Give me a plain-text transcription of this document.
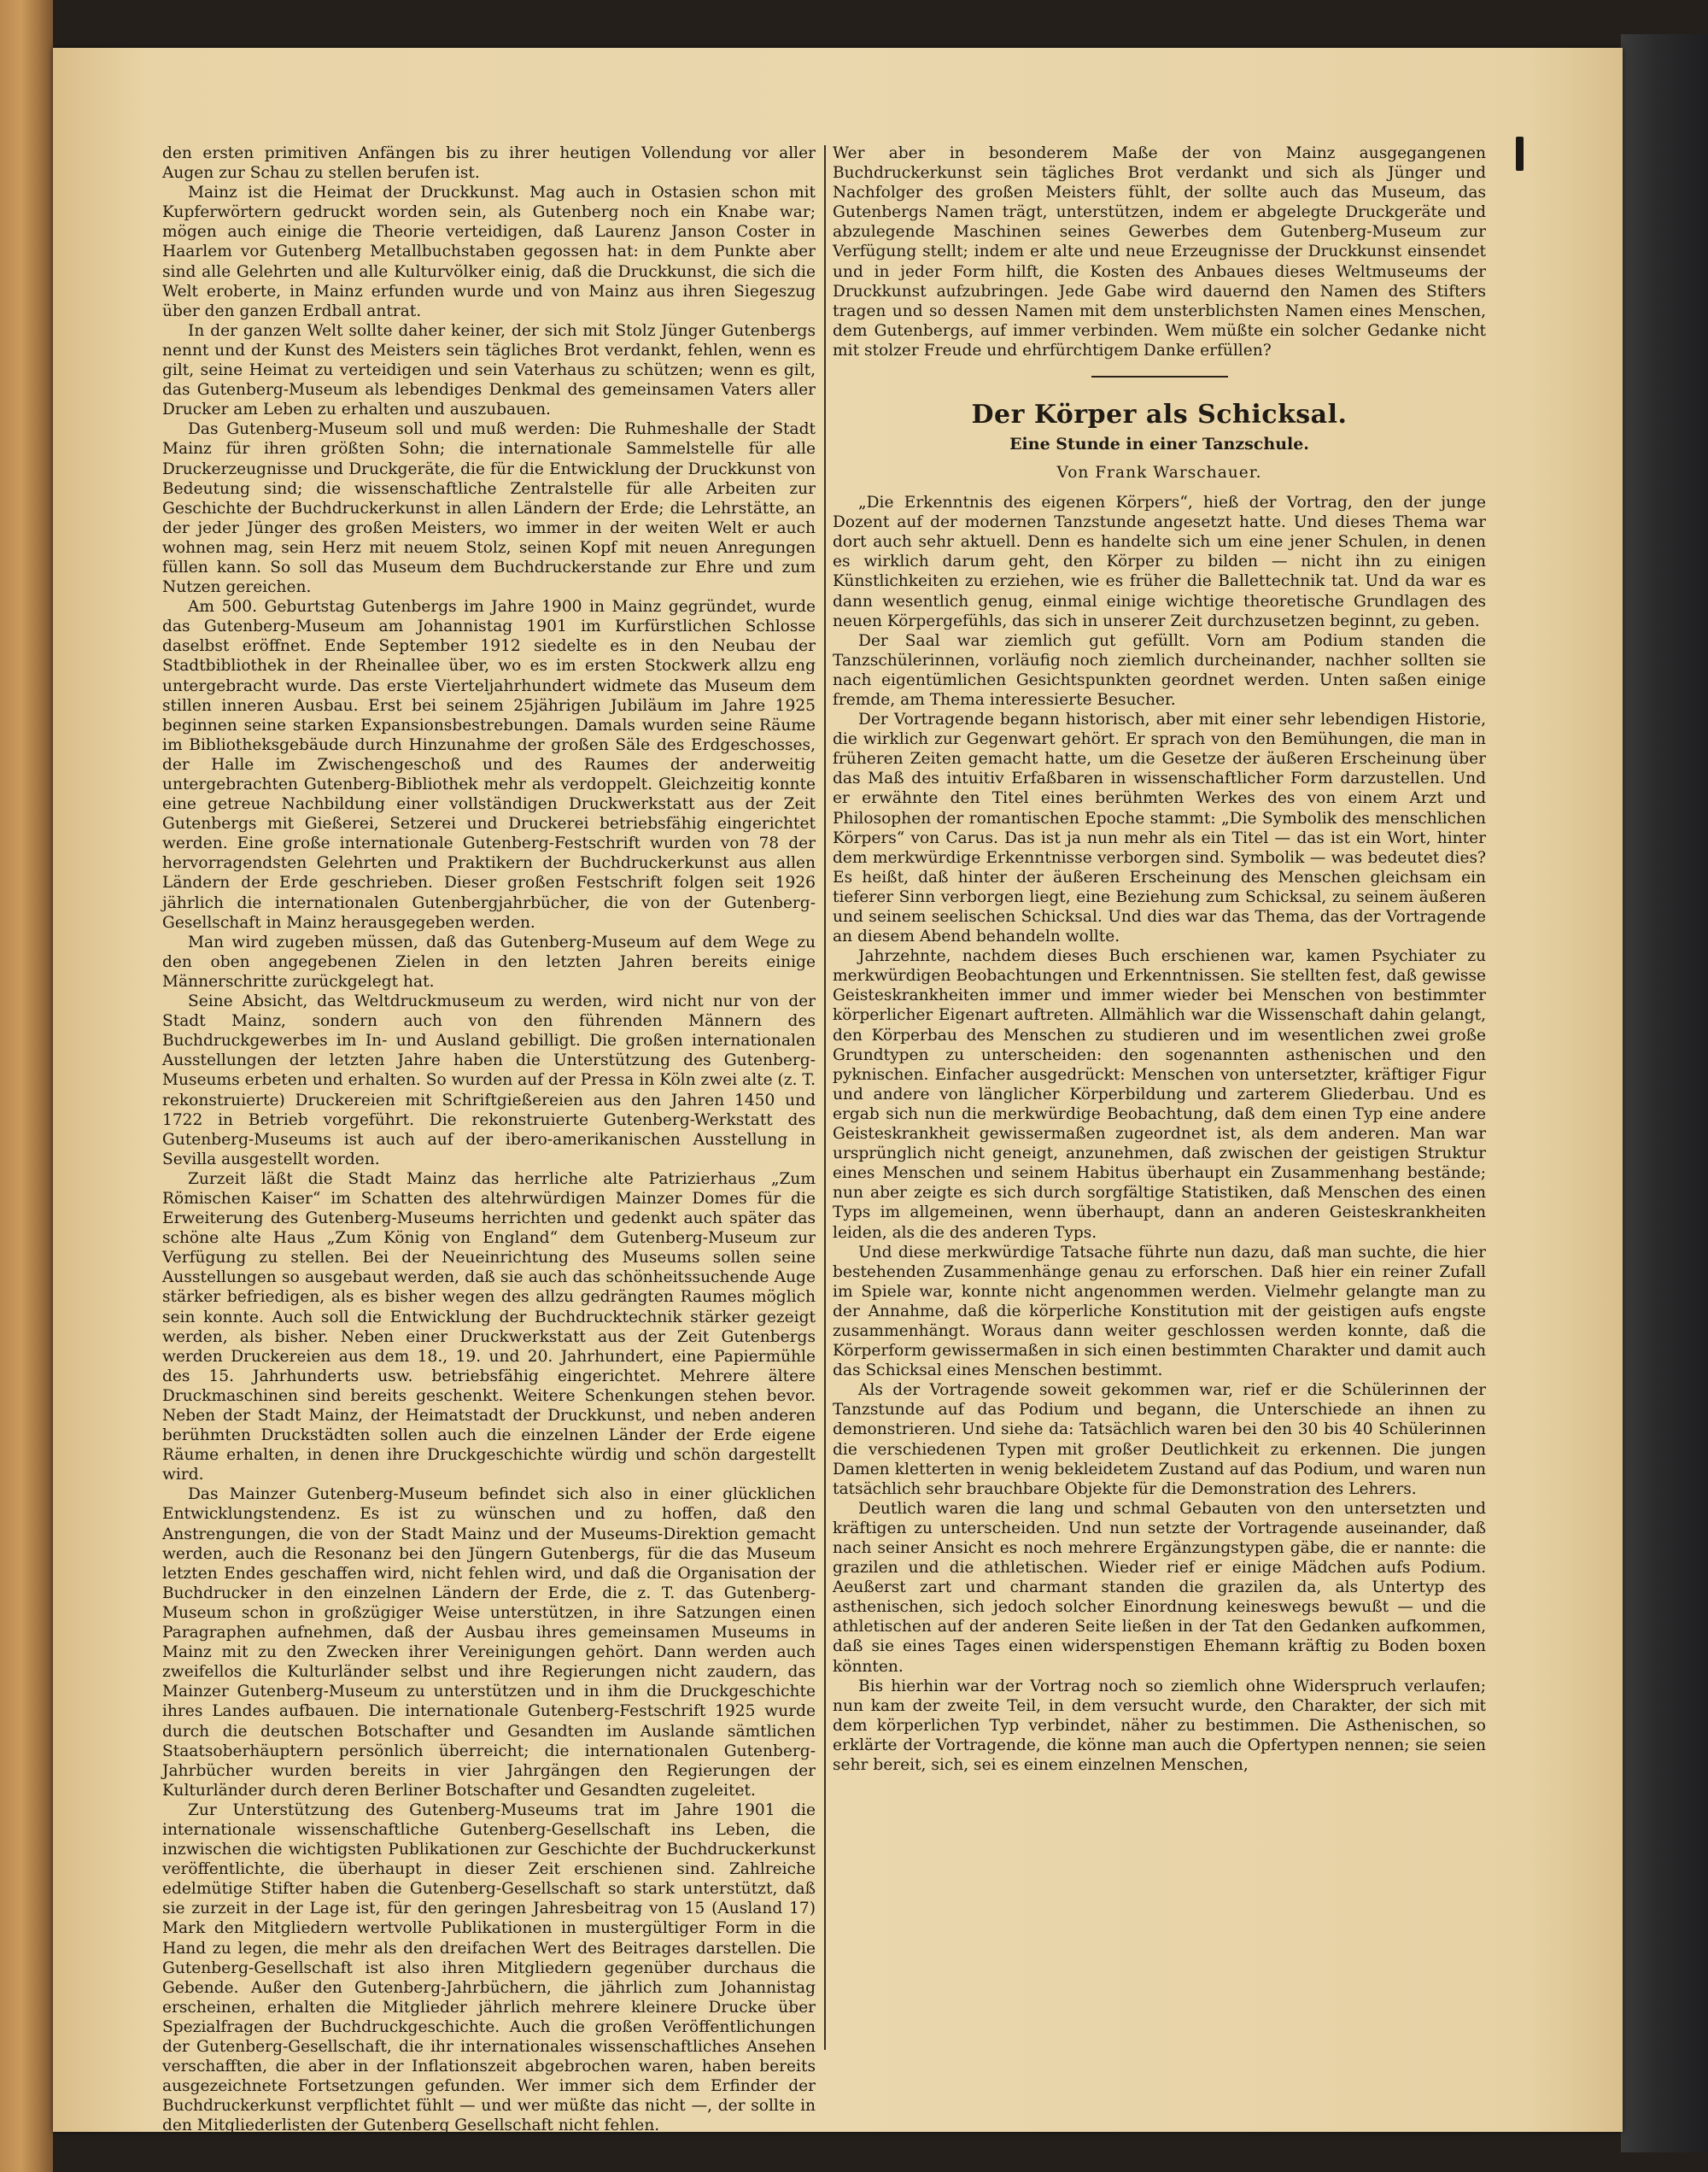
den ersten primitiven Anfängen bis zu ihrer heutigen Vollendung vor aller Augen zur Schau zu stellen berufen ist.

Mainz ist die Heimat der Druckkunst. Mag auch in Ostasien schon mit Kupferwörtern gedruckt worden sein, als Gutenberg noch ein Knabe war; mögen auch einige die Theorie verteidigen, daß Laurenz Janson Coster in Haarlem vor Gutenberg Metallbuchstaben gegossen hat: in dem Punkte aber sind alle Gelehrten und alle Kulturvölker einig, daß die Druckkunst, die sich die Welt eroberte, in Mainz erfunden wurde und von Mainz aus ihren Siegeszug über den ganzen Erdball antrat.

In der ganzen Welt sollte daher keiner, der sich mit Stolz Jünger Gutenbergs nennt und der Kunst des Meisters sein tägliches Brot verdankt, fehlen, wenn es gilt, seine Heimat zu verteidigen und sein Vaterhaus zu schützen; wenn es gilt, das Gutenberg-Museum als lebendiges Denkmal des gemeinsamen Vaters aller Drucker am Leben zu erhalten und auszubauen.

Das Gutenberg-Museum soll und muß werden: Die Ruhmeshalle der Stadt Mainz für ihren größten Sohn; die internationale Sammelstelle für alle Druckerzeugnisse und Druckgeräte, die für die Entwicklung der Druckkunst von Bedeutung sind; die wissenschaftliche Zentralstelle für alle Arbeiten zur Geschichte der Buchdruckerkunst in allen Ländern der Erde; die Lehrstätte, an der jeder Jünger des großen Meisters, wo immer in der weiten Welt er auch wohnen mag, sein Herz mit neuem Stolz, seinen Kopf mit neuen Anregungen füllen kann. So soll das Museum dem Buchdruckerstande zur Ehre und zum Nutzen gereichen.

Am 500. Geburtstag Gutenbergs im Jahre 1900 in Mainz gegründet, wurde das Gutenberg-Museum am Johannistag 1901 im Kurfürstlichen Schlosse daselbst eröffnet. Ende September 1912 siedelte es in den Neubau der Stadtbibliothek in der Rheinallee über, wo es im ersten Stockwerk allzu eng untergebracht wurde. Das erste Vierteljahrhundert widmete das Museum dem stillen inneren Ausbau. Erst bei seinem 25jährigen Jubiläum im Jahre 1925 beginnen seine starken Expansionsbestrebungen. Damals wurden seine Räume im Bibliotheksgebäude durch Hinzunahme der großen Säle des Erdgeschosses, der Halle im Zwischengeschoß und des Raumes der anderweitig untergebrachten Gutenberg-Bibliothek mehr als verdoppelt. Gleichzeitig konnte eine getreue Nachbildung einer vollständigen Druckwerkstatt aus der Zeit Gutenbergs mit Gießerei, Setzerei und Druckerei betriebsfähig eingerichtet werden. Eine große internationale Gutenberg-Festschrift wurden von 78 der hervorragendsten Gelehrten und Praktikern der Buchdruckerkunst aus allen Ländern der Erde geschrieben. Dieser großen Festschrift folgen seit 1926 jährlich die internationalen Gutenbergjahrbücher, die von der Gutenberg-Gesellschaft in Mainz herausgegeben werden.

Man wird zugeben müssen, daß das Gutenberg-Museum auf dem Wege zu den oben angegebenen Zielen in den letzten Jahren bereits einige Männerschritte zurückgelegt hat.

Seine Absicht, das Weltdruckmuseum zu werden, wird nicht nur von der Stadt Mainz, sondern auch von den führenden Männern des Buchdruckgewerbes im In- und Ausland gebilligt. Die großen internationalen Ausstellungen der letzten Jahre haben die Unterstützung des Gutenberg-Museums erbeten und erhalten. So wurden auf der Pressa in Köln zwei alte (z. T. rekonstruierte) Druckereien mit Schriftgießereien aus den Jahren 1450 und 1722 in Betrieb vorgeführt. Die rekonstruierte Gutenberg-Werkstatt des Gutenberg-Museums ist auch auf der ibero-amerikanischen Ausstellung in Sevilla ausgestellt worden.

Zurzeit läßt die Stadt Mainz das herrliche alte Patrizierhaus „Zum Römischen Kaiser“ im Schatten des altehrwürdigen Mainzer Domes für die Erweiterung des Gutenberg-Museums herrichten und gedenkt auch später das schöne alte Haus „Zum König von England“ dem Gutenberg-Museum zur Verfügung zu stellen. Bei der Neueinrichtung des Museums sollen seine Ausstellungen so ausgebaut werden, daß sie auch das schönheitssuchende Auge stärker befriedigen, als es bisher wegen des allzu gedrängten Raumes möglich sein konnte. Auch soll die Entwicklung der Buchdrucktechnik stärker gezeigt werden, als bisher. Neben einer Druckwerkstatt aus der Zeit Gutenbergs werden Druckereien aus dem 18., 19. und 20. Jahrhundert, eine Papiermühle des 15. Jahrhunderts usw. betriebsfähig eingerichtet. Mehrere ältere Druckmaschinen sind bereits geschenkt. Weitere Schenkungen stehen bevor. Neben der Stadt Mainz, der Heimatstadt der Druckkunst, und neben anderen berühmten Druckstädten sollen auch die einzelnen Länder der Erde eigene Räume erhalten, in denen ihre Druckgeschichte würdig und schön dargestellt wird.

Das Mainzer Gutenberg-Museum befindet sich also in einer glücklichen Entwicklungstendenz. Es ist zu wünschen und zu hoffen, daß den Anstrengungen, die von der Stadt Mainz und der Museums-Direktion gemacht werden, auch die Resonanz bei den Jüngern Gutenbergs, für die das Museum letzten Endes geschaffen wird, nicht fehlen wird, und daß die Organisation der Buchdrucker in den einzelnen Ländern der Erde, die z. T. das Gutenberg-Museum schon in großzügiger Weise unterstützen, in ihre Satzungen einen Paragraphen aufnehmen, daß der Ausbau ihres gemeinsamen Museums in Mainz mit zu den Zwecken ihrer Vereinigungen gehört. Dann werden auch zweifellos die Kulturländer selbst und ihre Regierungen nicht zaudern, das Mainzer Gutenberg-Museum zu unterstützen und in ihm die Druckgeschichte ihres Landes aufbauen. Die internationale Gutenberg-Festschrift 1925 wurde durch die deutschen Botschafter und Gesandten im Auslande sämtlichen Staatsoberhäuptern persönlich überreicht; die internationalen Gutenberg-Jahrbücher wurden bereits in vier Jahrgängen den Regierungen der Kulturländer durch deren Berliner Botschafter und Gesandten zugeleitet.

Zur Unterstützung des Gutenberg-Museums trat im Jahre 1901 die internationale wissenschaftliche Gutenberg-Gesellschaft ins Leben, die inzwischen die wichtigsten Publikationen zur Geschichte der Buchdruckerkunst veröffentlichte, die überhaupt in dieser Zeit erschienen sind. Zahlreiche edelmütige Stifter haben die Gutenberg-Gesellschaft so stark unterstützt, daß sie zurzeit in der Lage ist, für den geringen Jahresbeitrag von 15 (Ausland 17) Mark den Mitgliedern wertvolle Publikationen in mustergültiger Form in die Hand zu legen, die mehr als den dreifachen Wert des Beitrages darstellen. Die Gutenberg-Gesellschaft ist also ihren Mitgliedern gegenüber durchaus die Gebende. Außer den Gutenberg-Jahrbüchern, die jährlich zum Johannistag erscheinen, erhalten die Mitglieder jährlich mehrere kleinere Drucke über Spezialfragen der Buchdruckgeschichte. Auch die großen Veröffentlichungen der Gutenberg-Gesellschaft, die ihr internationales wissenschaftliches Ansehen verschafften, die aber in der Inflationszeit abgebrochen waren, haben bereits ausgezeichnete Fortsetzungen gefunden. Wer immer sich dem Erfinder der Buchdruckerkunst verpflichtet fühlt — und wer müßte das nicht —, der sollte in den Mitgliederlisten der Gutenberg Gesellschaft nicht fehlen.

Wer aber in besonderem Maße der von Mainz ausgegangenen Buchdruckerkunst sein tägliches Brot verdankt und sich als Jünger und Nachfolger des großen Meisters fühlt, der sollte auch das Museum, das Gutenbergs Namen trägt, unterstützen, indem er abgelegte Druckgeräte und abzulegende Maschinen seines Gewerbes dem Gutenberg-Museum zur Verfügung stellt; indem er alte und neue Erzeugnisse der Druckkunst einsendet und in jeder Form hilft, die Kosten des Anbaues dieses Weltmuseums der Druckkunst aufzubringen. Jede Gabe wird dauernd den Namen des Stifters tragen und so dessen Namen mit dem unsterblichsten Namen eines Menschen, dem Gutenbergs, auf immer verbinden. Wem müßte ein solcher Gedanke nicht mit stolzer Freude und ehrfürchtigem Danke erfüllen?

Der Körper als Schicksal.
Eine Stunde in einer Tanzschule.
Von Frank Warschauer.

„Die Erkenntnis des eigenen Körpers“, hieß der Vortrag, den der junge Dozent auf der modernen Tanzstunde angesetzt hatte. Und dieses Thema war dort auch sehr aktuell. Denn es handelte sich um eine jener Schulen, in denen es wirklich darum geht, den Körper zu bilden — nicht ihn zu einigen Künstlichkeiten zu erziehen, wie es früher die Ballettechnik tat. Und da war es dann wesentlich genug, einmal einige wichtige theoretische Grundlagen des neuen Körpergefühls, das sich in unserer Zeit durchzusetzen beginnt, zu geben.

Der Saal war ziemlich gut gefüllt. Vorn am Podium standen die Tanzschülerinnen, vorläufig noch ziemlich durcheinander, nachher sollten sie nach eigentümlichen Gesichtspunkten geordnet werden. Unten saßen einige fremde, am Thema interessierte Besucher.

Der Vortragende begann historisch, aber mit einer sehr lebendigen Historie, die wirklich zur Gegenwart gehört. Er sprach von den Bemühungen, die man in früheren Zeiten gemacht hatte, um die Gesetze der äußeren Erscheinung über das Maß des intuitiv Erfaßbaren in wissenschaftlicher Form darzustellen. Und er erwähnte den Titel eines berühmten Werkes des von einem Arzt und Philosophen der romantischen Epoche stammt: „Die Symbolik des menschlichen Körpers“ von Carus. Das ist ja nun mehr als ein Titel — das ist ein Wort, hinter dem merkwürdige Erkenntnisse verborgen sind. Symbolik — was bedeutet dies? Es heißt, daß hinter der äußeren Erscheinung des Menschen gleichsam ein tieferer Sinn verborgen liegt, eine Beziehung zum Schicksal, zu seinem äußeren und seinem seelischen Schicksal. Und dies war das Thema, das der Vortragende an diesem Abend behandeln wollte.

Jahrzehnte, nachdem dieses Buch erschienen war, kamen Psychiater zu merkwürdigen Beobachtungen und Erkenntnissen. Sie stellten fest, daß gewisse Geisteskrankheiten immer und immer wieder bei Menschen von bestimmter körperlicher Eigenart auftreten. Allmählich war die Wissenschaft dahin gelangt, den Körperbau des Menschen zu studieren und im wesentlichen zwei große Grundtypen zu unterscheiden: den sogenannten asthenischen und den pyknischen. Einfacher ausgedrückt: Menschen von untersetzter, kräftiger Figur und andere von länglicher Körperbildung und zarterem Gliederbau. Und es ergab sich nun die merkwürdige Beobachtung, daß dem einen Typ eine andere Geisteskrankheit gewissermaßen zugeordnet ist, als dem anderen. Man war ursprünglich nicht geneigt, anzunehmen, daß zwischen der geistigen Struktur eines Menschen und seinem Habitus überhaupt ein Zusammenhang bestände; nun aber zeigte es sich durch sorgfältige Statistiken, daß Menschen des einen Typs im allgemeinen, wenn überhaupt, dann an anderen Geisteskrankheiten leiden, als die des anderen Typs.

Und diese merkwürdige Tatsache führte nun dazu, daß man suchte, die hier bestehenden Zusammenhänge genau zu erforschen. Daß hier ein reiner Zufall im Spiele war, konnte nicht angenommen werden. Vielmehr gelangte man zu der Annahme, daß die körperliche Konstitution mit der geistigen aufs engste zusammenhängt. Woraus dann weiter geschlossen werden konnte, daß die Körperform gewissermaßen in sich einen bestimmten Charakter und damit auch das Schicksal eines Menschen bestimmt.

Als der Vortragende soweit gekommen war, rief er die Schülerinnen der Tanzstunde auf das Podium und begann, die Unterschiede an ihnen zu demonstrieren. Und siehe da: Tatsächlich waren bei den 30 bis 40 Schülerinnen die verschiedenen Typen mit großer Deutlichkeit zu erkennen. Die jungen Damen kletterten in wenig bekleidetem Zustand auf das Podium, und waren nun tatsächlich sehr brauchbare Objekte für die Demonstration des Lehrers.

Deutlich waren die lang und schmal Gebauten von den untersetzten und kräftigen zu unterscheiden. Und nun setzte der Vortragende auseinander, daß nach seiner Ansicht es noch mehrere Ergänzungstypen gäbe, die er nannte: die grazilen und die athletischen. Wieder rief er einige Mädchen aufs Podium. Aeußerst zart und charmant standen die grazilen da, als Untertyp des asthenischen, sich jedoch solcher Einordnung keineswegs bewußt — und die athletischen auf der anderen Seite ließen in der Tat den Gedanken aufkommen, daß sie eines Tages einen widerspenstigen Ehemann kräftig zu Boden boxen könnten.

Bis hierhin war der Vortrag noch so ziemlich ohne Widerspruch verlaufen; nun kam der zweite Teil, in dem versucht wurde, den Charakter, der sich mit dem körperlichen Typ verbindet, näher zu bestimmen. Die Asthenischen, so erklärte der Vortragende, die könne man auch die Opfertypen nennen; sie seien sehr bereit, sich, sei es einem einzelnen Menschen,
